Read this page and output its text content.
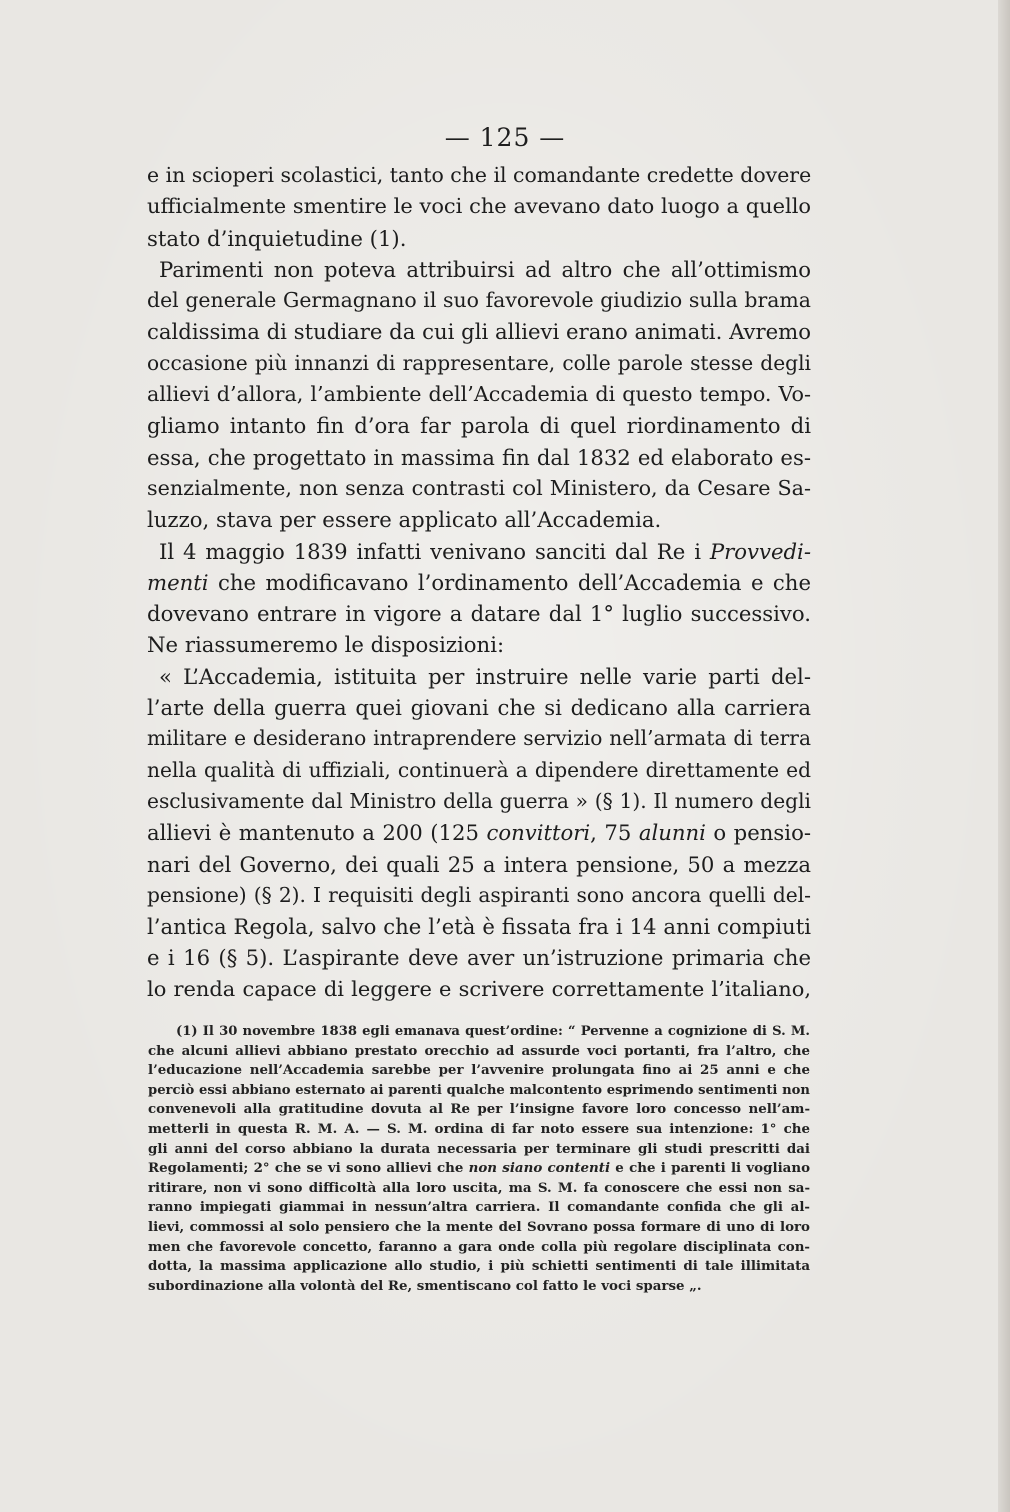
— 125 —
e in scioperi scolastici, tanto che il comandante credette dovere
ufficialmente smentire le voci che avevano dato luogo a quello
stato d’inquietudine (1).
Parimenti non poteva attribuirsi ad altro che all’ottimismo
del generale Germagnano il suo favorevole giudizio sulla brama
caldissima di studiare da cui gli allievi erano animati. Avremo
occasione più innanzi di rappresentare, colle parole stesse degli
allievi d’allora, l’ambiente dell’Accademia di questo tempo. Vo-
gliamo intanto fin d’ora far parola di quel riordinamento di
essa, che progettato in massima fin dal 1832 ed elaborato es-
senzialmente, non senza contrasti col Ministero, da Cesare Sa-
luzzo, stava per essere applicato all’Accademia.
Il 4 maggio 1839 infatti venivano sanciti dal Re i Provvedi-
menti che modificavano l’ordinamento dell’Accademia e che
dovevano entrare in vigore a datare dal 1° luglio successivo.
Ne riassumeremo le disposizioni:
« L’Accademia, istituita per instruire nelle varie parti del-
l’arte della guerra quei giovani che si dedicano alla carriera
militare e desiderano intraprendere servizio nell’armata di terra
nella qualità di uffiziali, continuerà a dipendere direttamente ed
esclusivamente dal Ministro della guerra » (§ 1). Il numero degli
allievi è mantenuto a 200 (125 convittori, 75 alunni o pensio-
nari del Governo, dei quali 25 a intera pensione, 50 a mezza
pensione) (§ 2). I requisiti degli aspiranti sono ancora quelli del-
l’antica Regola, salvo che l’età è fissata fra i 14 anni compiuti
e i 16 (§ 5). L’aspirante deve aver un’istruzione primaria che
lo renda capace di leggere e scrivere correttamente l’italiano,
(1) Il 30 novembre 1838 egli emanava quest’ordine: “ Pervenne a cognizione di S. M.
che alcuni allievi abbiano prestato orecchio ad assurde voci portanti, fra l’altro, che
l’educazione nell’Accademia sarebbe per l’avvenire prolungata fino ai 25 anni e che
perciò essi abbiano esternato ai parenti qualche malcontento esprimendo sentimenti non
convenevoli alla gratitudine dovuta al Re per l’insigne favore loro concesso nell’am-
metterli in questa R. M. A. — S. M. ordina di far noto essere sua intenzione: 1° che
gli anni del corso abbiano la durata necessaria per terminare gli studi prescritti dai
Regolamenti; 2° che se vi sono allievi che non siano contenti e che i parenti li vogliano
ritirare, non vi sono difficoltà alla loro uscita, ma S. M. fa conoscere che essi non sa-
ranno impiegati giammai in nessun’altra carriera. Il comandante confida che gli al-
lievi, commossi al solo pensiero che la mente del Sovrano possa formare di uno di loro
men che favorevole concetto, faranno a gara onde colla più regolare disciplinata con-
dotta, la massima applicazione allo studio, i più schietti sentimenti di tale illimitata
subordinazione alla volontà del Re, smentiscano col fatto le voci sparse „.
